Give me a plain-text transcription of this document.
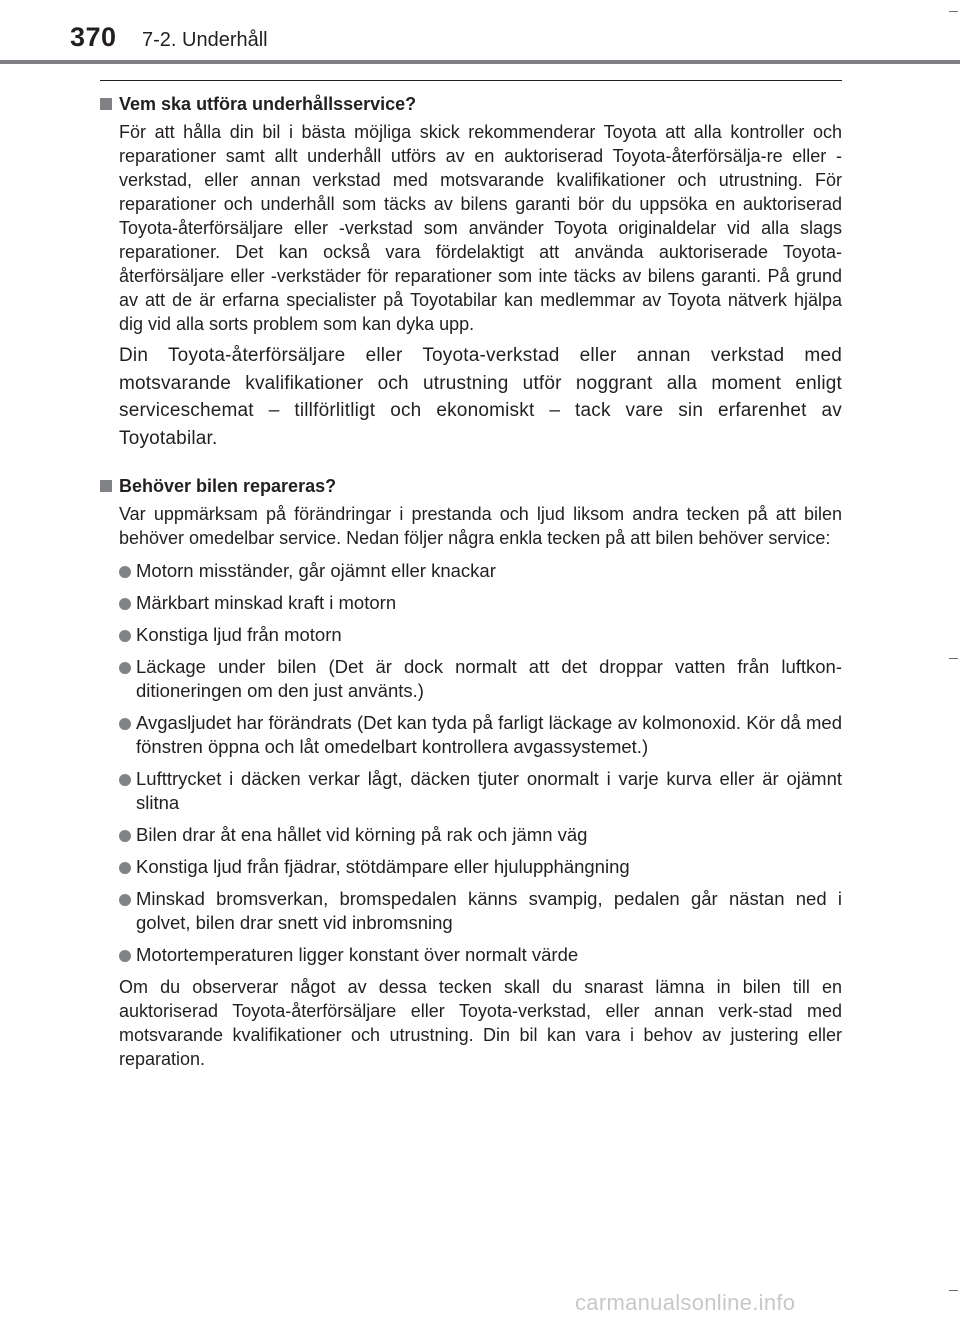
370 7-2. Underhåll
Vem ska utföra underhållsservice?

För att hålla din bil i bästa möjliga skick rekommenderar Toyota att alla kontroller och reparationer samt allt underhåll utförs av en auktoriserad Toyota-återförsälja-re eller -verkstad, eller annan verkstad med motsvarande kvalifikationer och utrustning. För reparationer och underhåll som täcks av bilens garanti bör du uppsöka en auktoriserad Toyota-återförsäljare eller -verkstad som använder Toyota originaldelar vid alla slags reparationer. Det kan också vara fördelaktigt att använda auktoriserade Toyota-återförsäljare eller -verkstäder för reparationer som inte täcks av bilens garanti. På grund av att de är erfarna specialister på Toyotabilar kan medlemmar av Toyota nätverk hjälpa dig vid alla sorts problem som kan dyka upp.

Din Toyota-återförsäljare eller Toyota-verkstad eller annan verkstad med motsvarande kvalifikationer och utrustning utför noggrant alla moment enligt serviceschemat – tillförlitligt och ekonomiskt – tack vare sin erfarenhet av Toyotabilar.

Behöver bilen repareras?

Var uppmärksam på förändringar i prestanda och ljud liksom andra tecken på att bilen behöver omedelbar service. Nedan följer några enkla tecken på att bilen behöver service:

Motorn misständer, går ojämnt eller knackar
Märkbart minskad kraft i motorn
Konstiga ljud från motorn
Läckage under bilen (Det är dock normalt att det droppar vatten från luftkon-ditioneringen om den just använts.)
Avgasljudet har förändrats (Det kan tyda på farligt läckage av kolmonoxid. Kör då med fönstren öppna och låt omedelbart kontrollera avgassystemet.)
Lufttrycket i däcken verkar lågt, däcken tjuter onormalt i varje kurva eller är ojämnt slitna
Bilen drar åt ena hållet vid körning på rak och jämn väg
Konstiga ljud från fjädrar, stötdämpare eller hjulupphängning
Minskad bromsverkan, bromspedalen känns svampig, pedalen går nästan ned i golvet, bilen drar snett vid inbromsning
Motortemperaturen ligger konstant över normalt värde

Om du observerar något av dessa tecken skall du snarast lämna in bilen till en auktoriserad Toyota-återförsäljare eller Toyota-verkstad, eller annan verk-stad med motsvarande kvalifikationer och utrustning. Din bil kan vara i behov av justering eller reparation.

carmanualsonline.info
